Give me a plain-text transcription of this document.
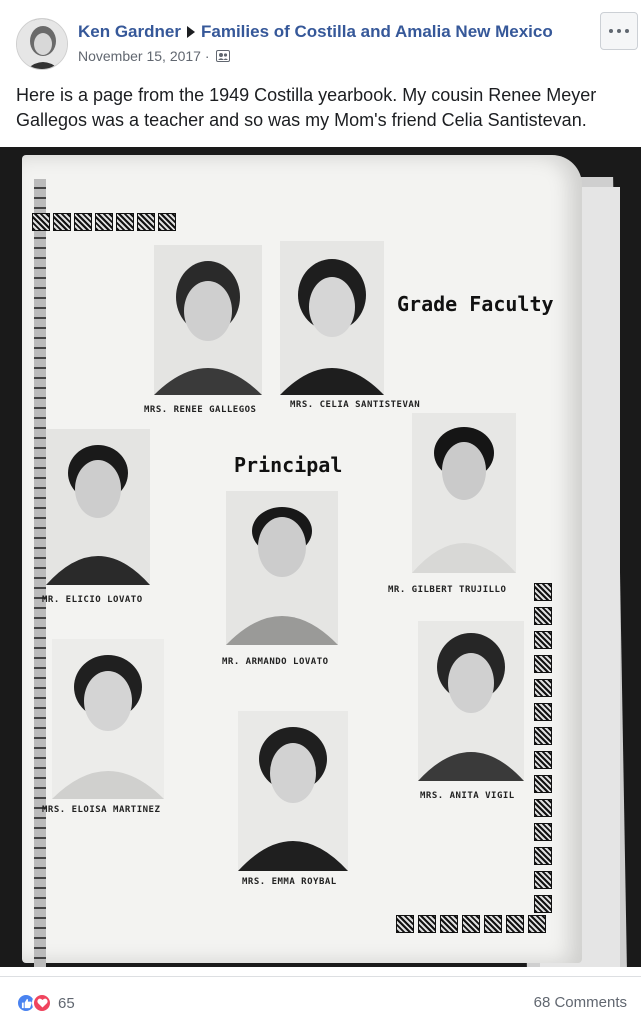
Ken Gardner Families of Costilla and Amalia New Mexico
November 15, 2017 ·
Here is a page from the 1949 Costilla yearbook. My cousin Renee Meyer Gallegos was a teacher and so was my Mom's friend Celia Santistevan.
Grade Faculty
Principal
MRS. RENEE GALLEGOS	MRS. CELIA SANTISTEVAN
MR. ELICIO LOVATO
MR. GILBERT TRUJILLO
MR. ARMANDO LOVATO
MRS. ELOISA MARTINEZ
MRS. ANITA VIGIL
MRS. EMMA ROYBAL
65	68 Comments
